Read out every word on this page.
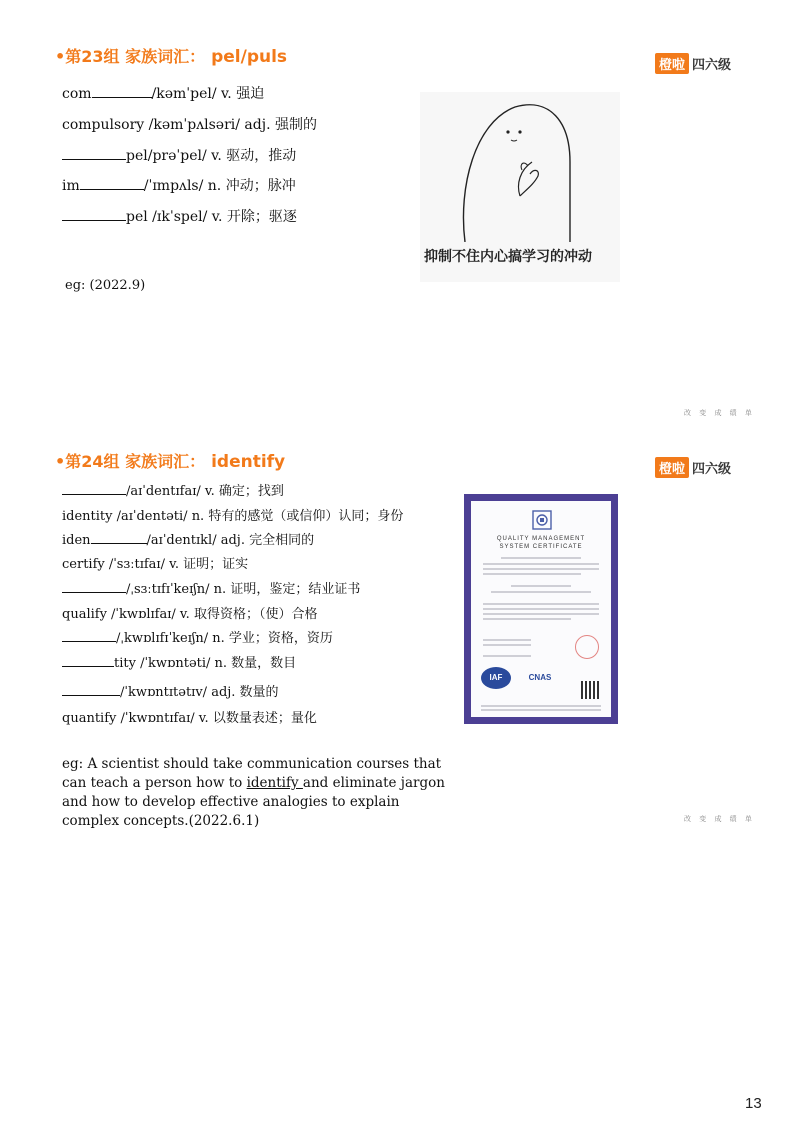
•第23组 家族词汇： pel/puls	橙啦 四六级
com	/kəmˈpel/ v. 强迫
compulsory /kəmˈpʌlsəri/ adj. 强制的
pel/prəˈpel/ v. 驱动，推动
im	/ˈɪmpʌls/ n. 冲动；脉冲
pel /ɪkˈspel/ v. 开除；驱逐
eg: (2022.9)
抑制不住内心搞学习的冲动
改 变 成 绩 单
•第24组 家族词汇： identify	橙啦 四六级
/aɪˈdentɪfaɪ/ v. 确定；找到
identity /aɪˈdentəti/ n. 特有的感觉（或信仰）认同；身份
iden	/aɪˈdentɪkl/ adj. 完全相同的
certify /ˈsɜːtɪfaɪ/ v. 证明；证实
/ˌsɜːtɪfɪˈkeɪʃn/ n. 证明，鉴定；结业证书
qualify /ˈkwɒlɪfaɪ/ v. 取得资格；（使）合格
/ˌkwɒlɪfɪˈkeɪʃn/ n. 学业；资格，资历
tity /ˈkwɒntəti/ n. 数量，数目
/ˈkwɒntɪtətɪv/ adj. 数量的
quantify /ˈkwɒntɪfaɪ/ v. 以数量表述；量化
eg: A scientist should take communication courses that
can teach a person how to identify and eliminate jargon
and how to develop effective analogies to explain
complex concepts.(2022.6.1)
QUALITY MANAGEMENT
SYSTEM CERTIFICATE
IAF	CNAS
改 变 成 绩 单
13
